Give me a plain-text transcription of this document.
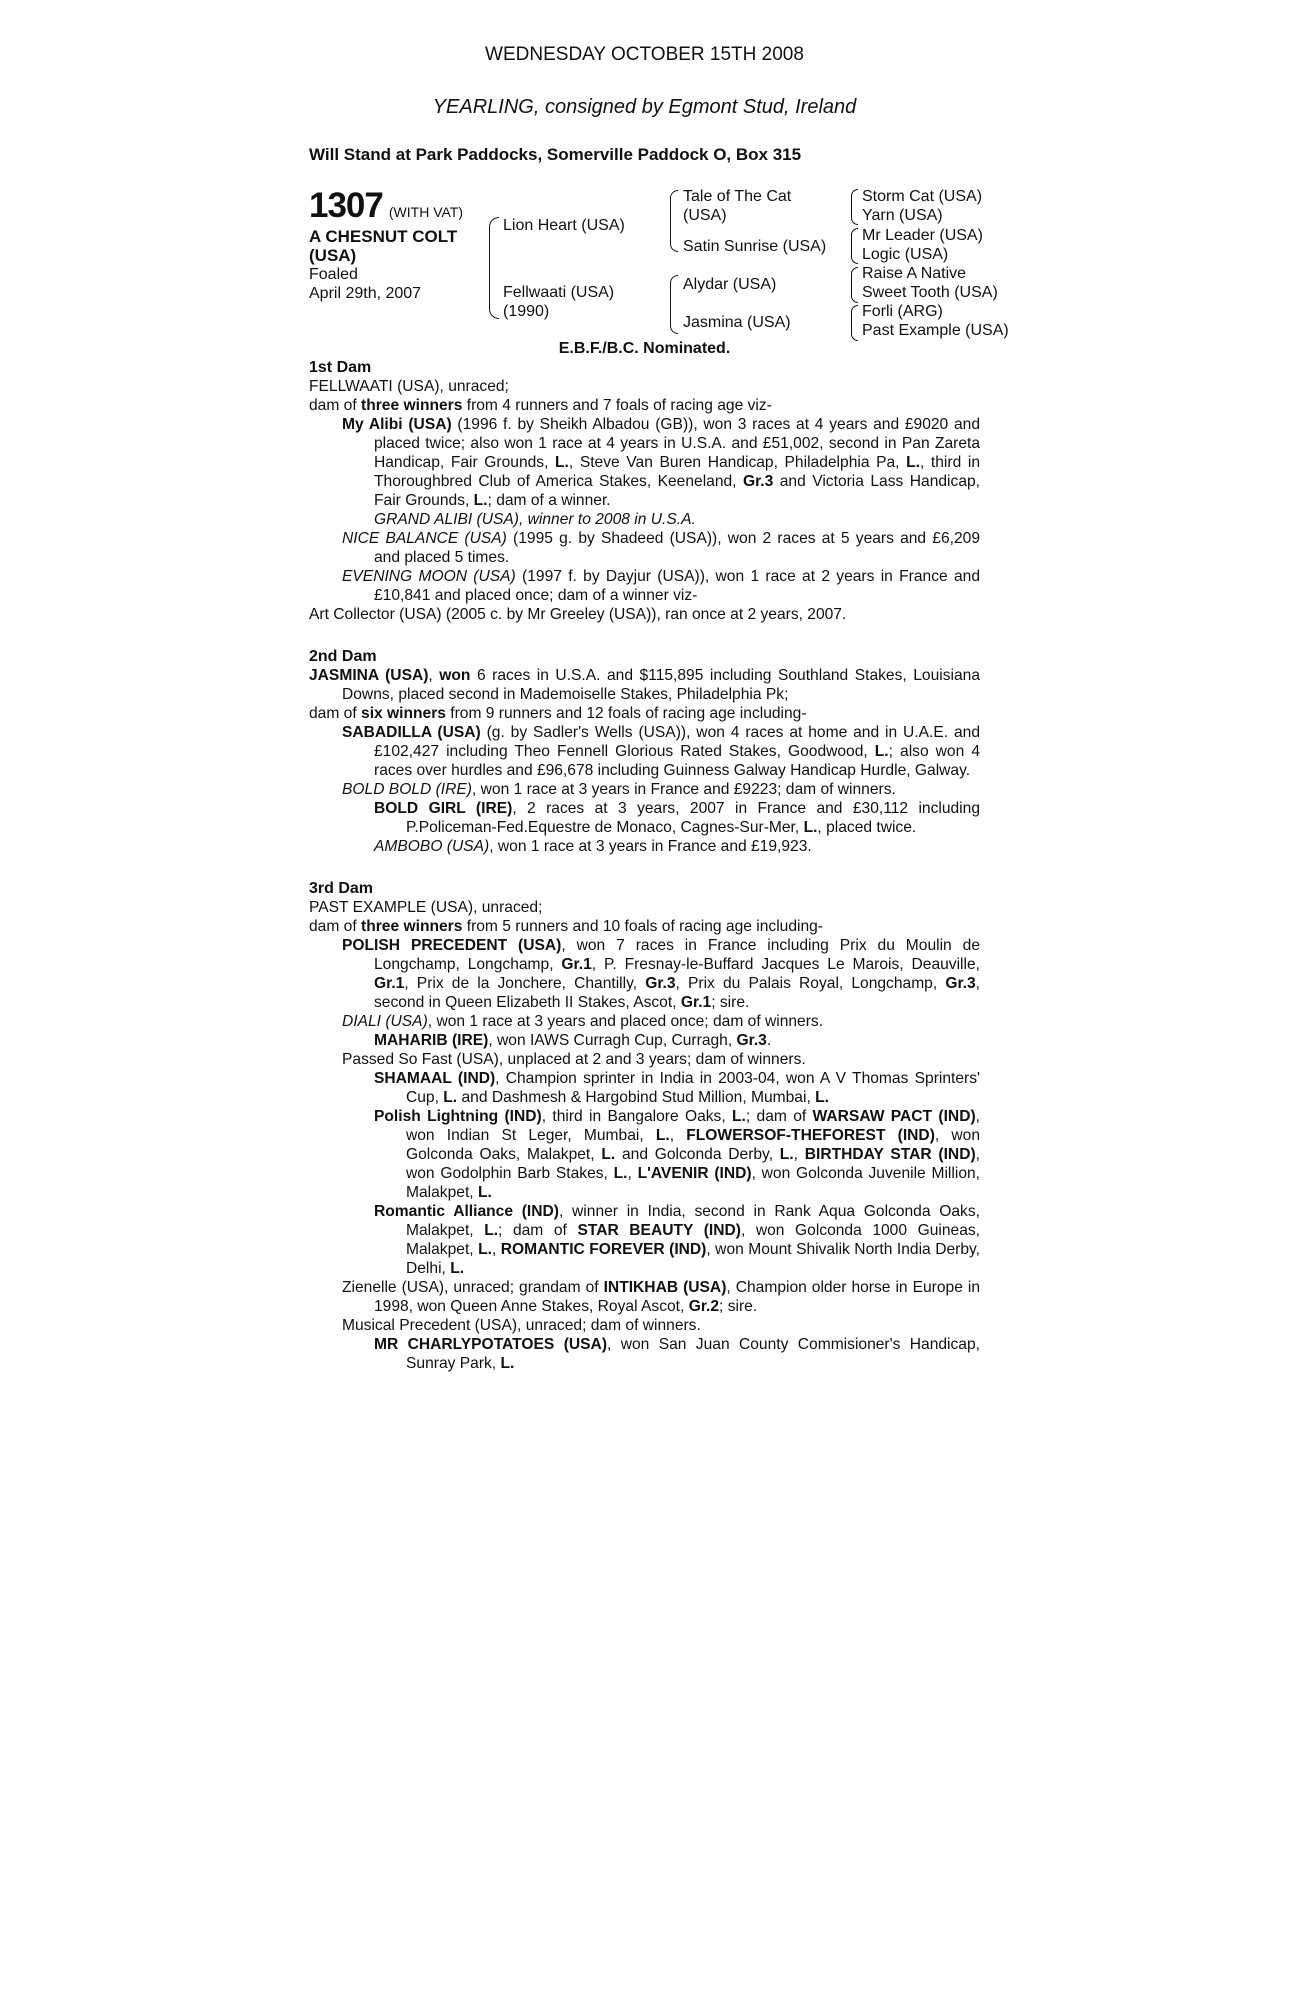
WEDNESDAY OCTOBER 15TH 2008
YEARLING, consigned by Egmont Stud, Ireland
Will Stand at Park Paddocks, Somerville Paddock O, Box 315
1307 (WITH VAT)
A CHESNUT COLT
(USA)
Foaled
April 29th, 2007
Lion Heart (USA)
Fellwaati (USA)
(1990)
Tale of The Cat
(USA)
Satin Sunrise (USA)
Alydar (USA)
Jasmina (USA)
Storm Cat (USA)
Yarn (USA)
Mr Leader (USA)
Logic (USA)
Raise A Native
Sweet Tooth (USA)
Forli (ARG)
Past Example (USA)
E.B.F./B.C. Nominated.

1st Dam

FELLWAATI (USA), unraced;

dam of three winners from 4 runners and 7 foals of racing age viz-

My Alibi (USA) (1996 f. by Sheikh Albadou (GB)), won 3 races at 4 years and £9020 and placed twice; also won 1 race at 4 years in U.S.A. and £51,002, second in Pan Zareta Handicap, Fair Grounds, L., Steve Van Buren Handicap, Philadelphia Pa, L., third in Thoroughbred Club of America Stakes, Keeneland, Gr.3 and Victoria Lass Handicap, Fair Grounds, L.; dam of a winner.

GRAND ALIBI (USA), winner to 2008 in U.S.A.

NICE BALANCE (USA) (1995 g. by Shadeed (USA)), won 2 races at 5 years and £6,209 and placed 5 times.

EVENING MOON (USA) (1997 f. by Dayjur (USA)), won 1 race at 2 years in France and £10,841 and placed once; dam of a winner viz-

Art Collector (USA) (2005 c. by Mr Greeley (USA)), ran once at 2 years, 2007.

2nd Dam

JASMINA (USA), won 6 races in U.S.A. and $115,895 including Southland Stakes, Louisiana Downs, placed second in Mademoiselle Stakes, Philadelphia Pk;

dam of six winners from 9 runners and 12 foals of racing age including-

SABADILLA (USA) (g. by Sadler's Wells (USA)), won 4 races at home and in U.A.E. and £102,427 including Theo Fennell Glorious Rated Stakes, Goodwood, L.; also won 4 races over hurdles and £96,678 including Guinness Galway Handicap Hurdle, Galway.

BOLD BOLD (IRE), won 1 race at 3 years in France and £9223; dam of winners.

BOLD GIRL (IRE), 2 races at 3 years, 2007 in France and £30,112 including P.Policeman-Fed.Equestre de Monaco, Cagnes-Sur-Mer, L., placed twice.

AMBOBO (USA), won 1 race at 3 years in France and £19,923.

3rd Dam

PAST EXAMPLE (USA), unraced;

dam of three winners from 5 runners and 10 foals of racing age including-

POLISH PRECEDENT (USA), won 7 races in France including Prix du Moulin de Longchamp, Longchamp, Gr.1, P. Fresnay-le-Buffard Jacques Le Marois, Deauville, Gr.1, Prix de la Jonchere, Chantilly, Gr.3, Prix du Palais Royal, Longchamp, Gr.3, second in Queen Elizabeth II Stakes, Ascot, Gr.1; sire.

DIALI (USA), won 1 race at 3 years and placed once; dam of winners.

MAHARIB (IRE), won IAWS Curragh Cup, Curragh, Gr.3.

Passed So Fast (USA), unplaced at 2 and 3 years; dam of winners.

SHAMAAL (IND), Champion sprinter in India in 2003-04, won A V Thomas Sprinters' Cup, L. and Dashmesh & Hargobind Stud Million, Mumbai, L.

Polish Lightning (IND), third in Bangalore Oaks, L.; dam of WARSAW PACT (IND), won Indian St Leger, Mumbai, L., FLOWERSOF-THEFOREST (IND), won Golconda Oaks, Malakpet, L. and Golconda Derby, L., BIRTHDAY STAR (IND), won Godolphin Barb Stakes, L., L'AVENIR (IND), won Golconda Juvenile Million, Malakpet, L.

Romantic Alliance (IND), winner in India, second in Rank Aqua Golconda Oaks, Malakpet, L.; dam of STAR BEAUTY (IND), won Golconda 1000 Guineas, Malakpet, L., ROMANTIC FOREVER (IND), won Mount Shivalik North India Derby, Delhi, L.

Zienelle (USA), unraced; grandam of INTIKHAB (USA), Champion older horse in Europe in 1998, won Queen Anne Stakes, Royal Ascot, Gr.2; sire.

Musical Precedent (USA), unraced; dam of winners.

MR CHARLYPOTATOES (USA), won San Juan County Commisioner's Handicap, Sunray Park, L.
